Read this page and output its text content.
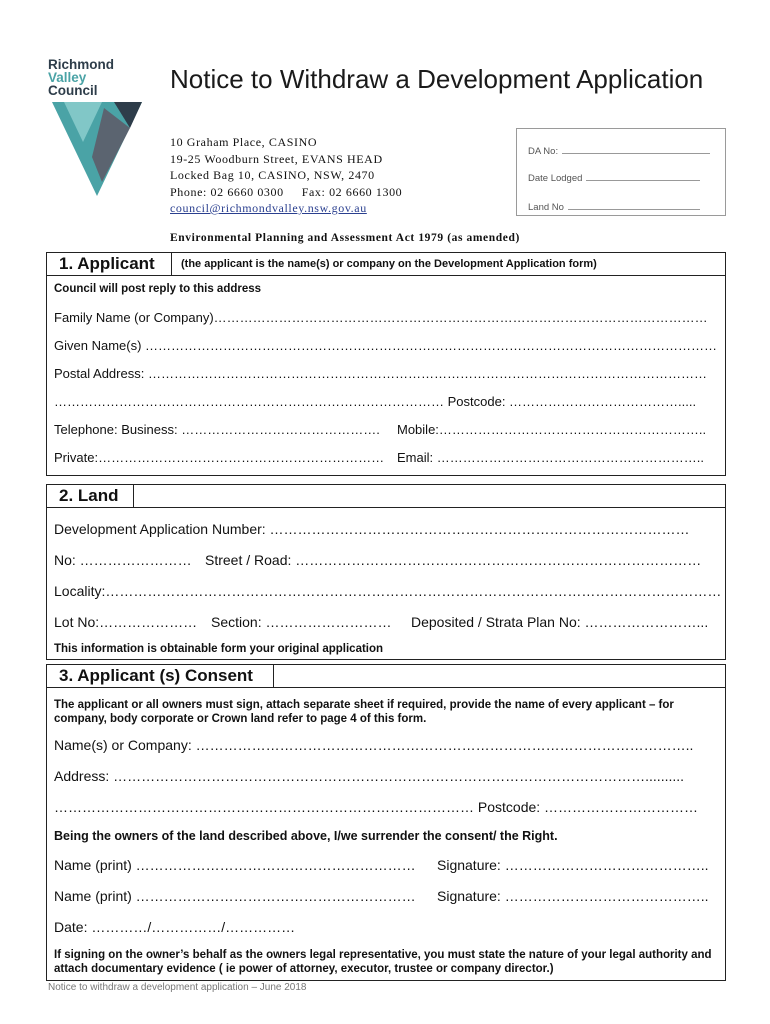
Richmond
Valley
Council	Notice to Withdraw a Development Application
10 Graham Place, CASINO
19-25 Woodburn Street, EVANS HEAD
Locked Bag 10, CASINO, NSW, 2470
Phone: 02 6660 0300 Fax: 02 6660 1300
council@richmondvalley.nsw.gov.au
DA No:
Date Lodged
Land No
Environmental Planning and Assessment Act 1979 (as amended)
1. Applicant (the applicant is the name(s) or company on the Development Application form)
Council will post reply to this address
Family Name (or Company)……………………………………………………………………………………………………
Given Name(s) ……………………………………………………………………………………………………………………
Postal Address: …………………………………………………………………………………………………………………
……………………………………………………………………………… Postcode: ………………………………….....
Telephone: Business: ………………………………………. Mobile:……………………………………………………..
Private:………………………………………………………… Email: ……………………………………………………..
2. Land
Development Application Number: ………………………………………………………………………………
No: …………………… Street / Road: ……………………………………………………………………………
Locality:……………………………………………………………………………………………………………………
Lot No:………………… Section: ……………………… Deposited / Strata Plan No: ……………………...
This information is obtainable form your original application
3. Applicant (s) Consent
The applicant or all owners must sign, attach separate sheet if required, provide the name of every applicant – for company, body corporate or Crown land refer to page 4 of this form.
Name(s) or Company: ……………………………………………………………………………………………..
Address: ……………………………………………………………………………………………………..........
……………………………………………………………………………… Postcode: ……………………………
Being the owners of the land described above, I/we surrender the consent/ the Right.
Name (print) …………………………………………………… Signature: ……………………………………..
Name (print) …………………………………………………… Signature: ……………………………………..
Date: …………/……………/……………
If signing on the owner’s behalf as the owners legal representative, you must state the nature of your legal authority and attach documentary evidence ( ie power of attorney, executor, trustee or company director.)
Notice to withdraw a development application – June 2018
